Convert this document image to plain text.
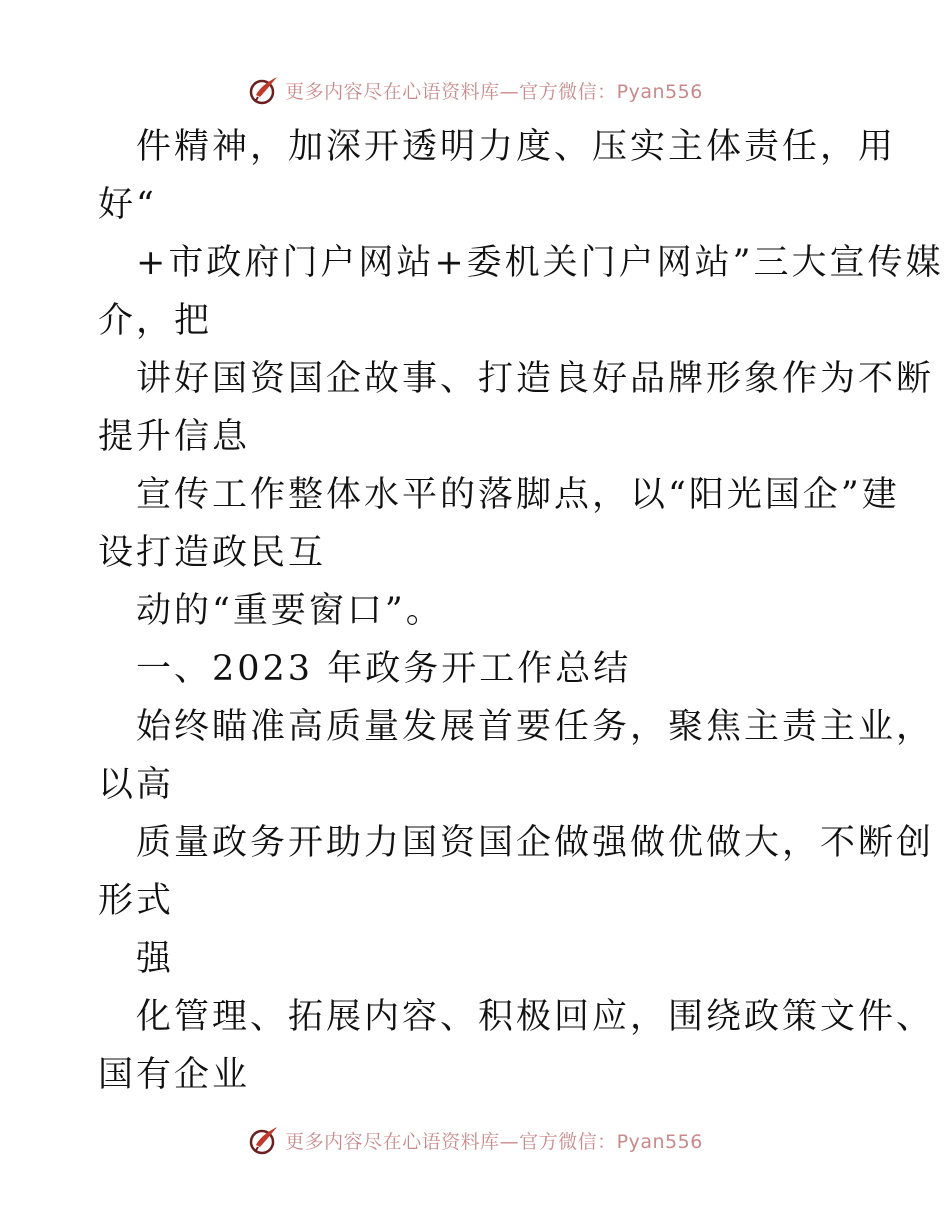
更多内容尽在心语资料库—官方微信：Pyan556
件精神，加深开透明力度、压实主体责任，用
好“
+市政府门户网站+委机关门户网站”三大宣传媒
介，把
讲好国资国企故事、打造良好品牌形象作为不断
提升信息
宣传工作整体水平的落脚点，以“阳光国企”建
设打造政民互
动的“重要窗口”。
一、2023 年政务开工作总结
始终瞄准高质量发展首要任务，聚焦主责主业，
以高
质量政务开助力国资国企做强做优做大，不断创
形式
强
化管理、拓展内容、积极回应，围绕政策文件、
国有企业
更多内容尽在心语资料库—官方微信：Pyan556
